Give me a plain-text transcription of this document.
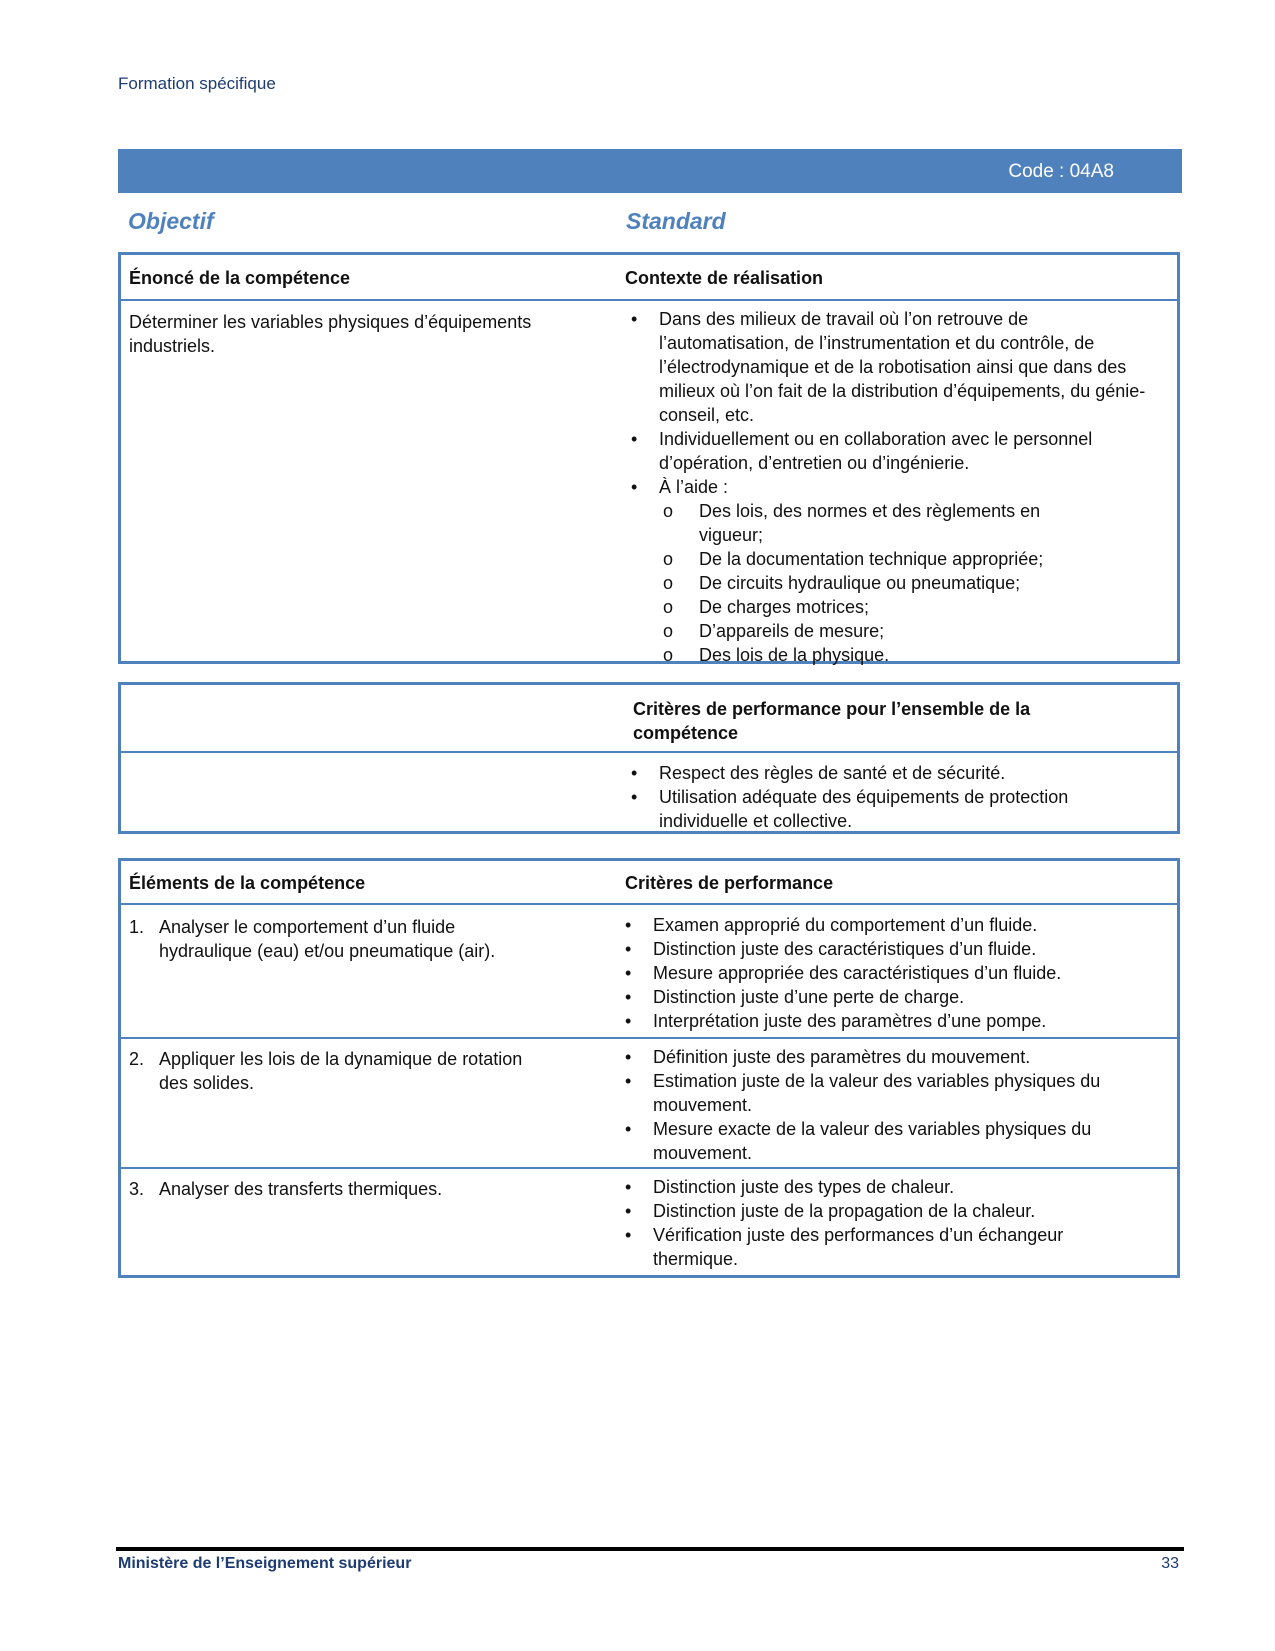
Formation spécifique
Code : 04A8
Objectif	Standard
Énoncé de la compétence	Contexte de réalisation
Déterminer les variables physiques d’équipements industriels.
• Dans des milieux de travail où l’on retrouve de l’automatisation, de l’instrumentation et du contrôle, de l’électrodynamique et de la robotisation ainsi que dans des milieux où l’on fait de la distribution d’équipements, du génie-conseil, etc.
• Individuellement ou en collaboration avec le personnel d’opération, d’entretien ou d’ingénierie.
• À l’aide :
o Des lois, des normes et des règlements en vigueur;
o De la documentation technique appropriée;
o De circuits hydraulique ou pneumatique;
o De charges motrices;
o D’appareils de mesure;
o Des lois de la physique.
Critères de performance pour l’ensemble de la compétence
• Respect des règles de santé et de sécurité.
• Utilisation adéquate des équipements de protection individuelle et collective.
Éléments de la compétence	Critères de performance
1. Analyser le comportement d’un fluide hydraulique (eau) et/ou pneumatique (air).
• Examen approprié du comportement d’un fluide.
• Distinction juste des caractéristiques d’un fluide.
• Mesure appropriée des caractéristiques d’un fluide.
• Distinction juste d’une perte de charge.
• Interprétation juste des paramètres d’une pompe.
2. Appliquer les lois de la dynamique de rotation des solides.
• Définition juste des paramètres du mouvement.
• Estimation juste de la valeur des variables physiques du mouvement.
• Mesure exacte de la valeur des variables physiques du mouvement.
3. Analyser des transferts thermiques.
•	Distinction juste des types de chaleur.
• Distinction juste de la propagation de la chaleur.
• Vérification juste des performances d’un échangeur thermique.
Ministère de l’Enseignement supérieur	33
